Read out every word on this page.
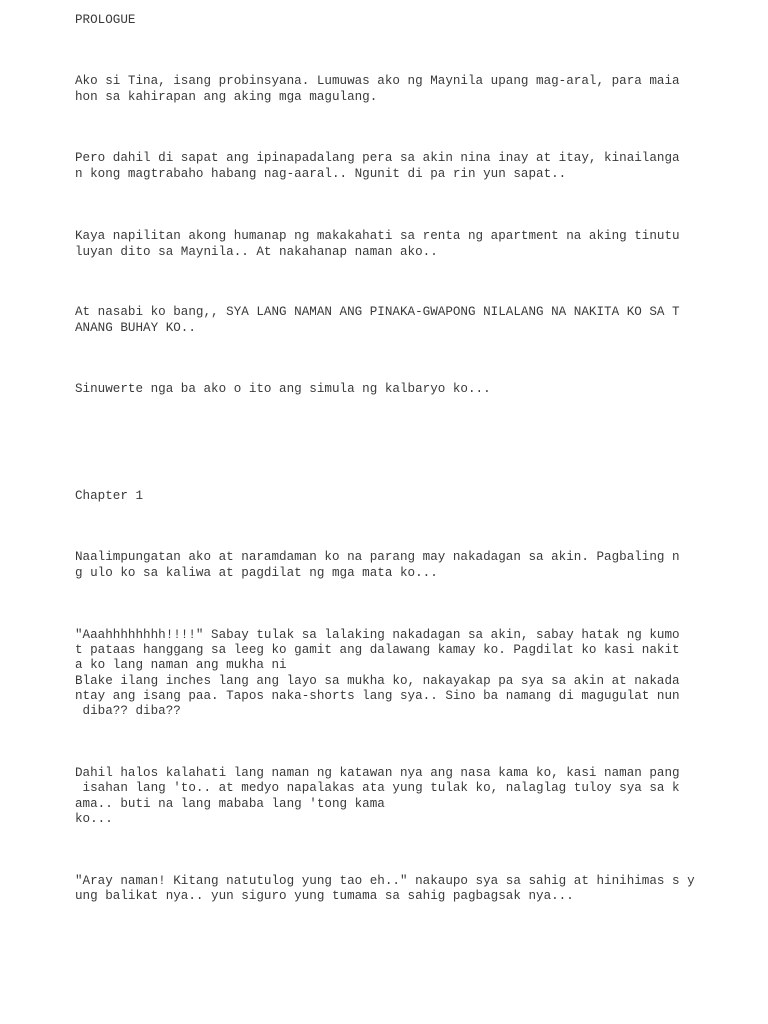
PROLOGUE

Ako si Tina, isang probinsyana. Lumuwas ako ng Maynila upang mag-aral, para maia

hon sa kahirapan ang aking mga magulang.

Pero dahil di sapat ang ipinapadalang pera sa akin nina inay at itay, kinailanga

n kong magtrabaho habang nag-aaral.. Ngunit di pa rin yun sapat..

Kaya napilitan akong humanap ng makakahati sa renta ng apartment na aking tinutu

luyan dito sa Maynila.. At nakahanap naman ako..

At nasabi ko bang,, SYA LANG NAMAN ANG PINAKA-GWAPONG NILALANG NA NAKITA KO SA T

ANANG BUHAY KO..

Sinuwerte nga ba ako o ito ang simula ng kalbaryo ko...

Chapter 1

Naalimpungatan ako at naramdaman ko na parang may nakadagan sa akin. Pagbaling n

g ulo ko sa kaliwa at pagdilat ng mga mata ko...

"Aaahhhhhhhh!!!!" Sabay tulak sa lalaking nakadagan sa akin, sabay hatak ng kumo

t pataas hanggang sa leeg ko gamit ang dalawang kamay ko. Pagdilat ko kasi nakit

a ko lang naman ang mukha ni

Blake ilang inches lang ang layo sa mukha ko, nakayakap pa sya sa akin at nakada

ntay ang isang paa. Tapos naka-shorts lang sya.. Sino ba namang di magugulat nun

diba?? diba??

Dahil halos kalahati lang naman ng katawan nya ang nasa kama ko, kasi naman pang

isahan lang 'to.. at medyo napalakas ata yung tulak ko, nalaglag tuloy sya sa k

ama.. buti na lang mababa lang 'tong kama

ko...

"Aray naman! Kitang natutulog yung tao eh.." nakaupo sya sa sahig at hinihimas s y

ung balikat nya.. yun siguro yung tumama sa sahig pagbagsak nya...
